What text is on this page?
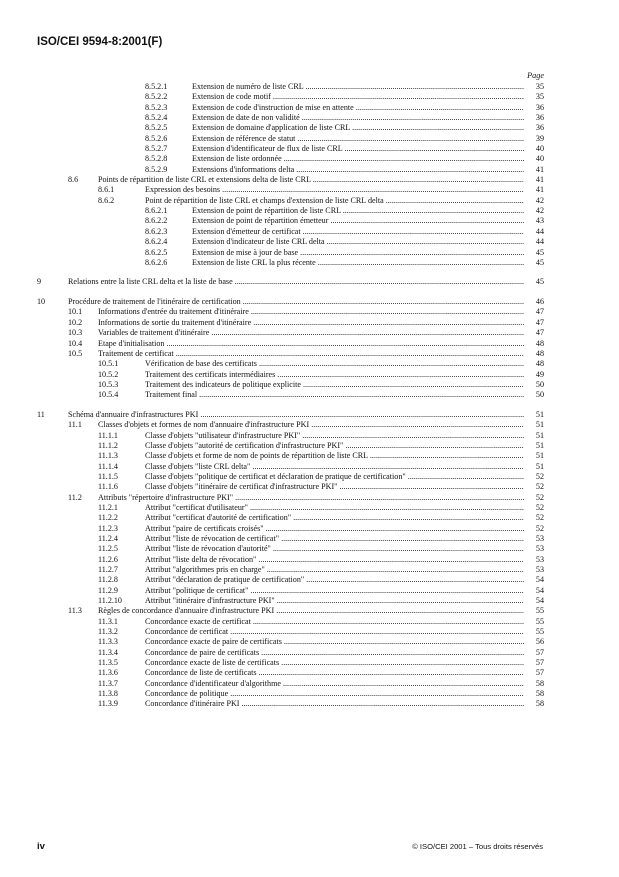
ISO/CEI 9594-8:2001(F)
Page
8.5.2.1	Extension de numéro de liste CRL .....	35
8.5.2.2	Extension de code motif .....	35
8.5.2.3	Extension de code d'instruction de mise en attente .....	36
8.5.2.4	Extension de date de non validité .....	36
8.5.2.5	Extension de domaine d'application de liste CRL .....	36
8.5.2.6	Extension de référence de statut .....	39
8.5.2.7	Extension d'identificateur de flux de liste CRL .....	40
8.5.2.8	Extension de liste ordonnée .....	40
8.5.2.9	Extensions d'informations delta .....	41
8.6 Points de répartition de liste CRL et extensions delta de liste CRL .....	41
8.6.1	Expression des besoins .....	41
8.6.2	Point de répartition de liste CRL et champs d'extension de liste CRL delta .....	42
8.6.2.1	Extension de point de répartition de liste CRL .....	42
8.6.2.2	Extension de point de répartition émetteur .....	43
8.6.2.3	Extension d'émetteur de certificat .....	44
8.6.2.4	Extension d'indicateur de liste CRL delta .....	44
8.6.2.5	Extension de mise à jour de base .....	45
8.6.2.6	Extension de liste CRL la plus récente .....	45
9	Relations entre la liste CRL delta et la liste de base .....	45
10	Procédure de traitement de l'itinéraire de certification .....	46
10.1 Informations d'entrée du traitement d'itinéraire .....	47
10.2 Informations de sortie du traitement d'itinéraire .....	47
10.3 Variables de traitement d'itinéraire .....	47
10.4 Etape d'initialisation .....	48
10.5 Traitement de certificat .....	48
10.5.1	Vérification de base des certificats .....	48
10.5.2	Traitement des certificats intermédiaires .....	49
10.5.3	Traitement des indicateurs de politique explicite .....	50
10.5.4	Traitement final .....	50
11	Schéma d'annuaire d'infrastructures PKI .....	51
11.1 Classes d'objets et formes de nom d'annuaire d'infrastructure PKI .....	51
11.1.1	Classe d'objets "utilisateur d'infrastructure PKI" .....	51
11.1.2	Classe d'objets "autorité de certification d'infrastructure PKI" .....	51
11.1.3	Classe d'objets et forme de nom de points de répartition de liste CRL .....	51
11.1.4	Classe d'objets "liste CRL delta" .....	51
11.1.5	Classe d'objets "politique de certificat et déclaration de pratique de certification" .....	52
11.1.6	Classe d'objets "itinéraire de certificat d'infrastructure PKI" .....	52
11.2 Attributs "répertoire d'infrastructure PKI" .....	52
11.2.1	Attribut "certificat d'utilisateur" .....	52
11.2.2	Attribut "certificat d'autorité de certification" .....	52
11.2.3	Attribut "paire de certificats croisés" .....	52
11.2.4	Attribut "liste de révocation de certificat" .....	53
11.2.5	Attribut "liste de révocation d'autorité" .....	53
11.2.6	Attribut "liste delta de révocation" .....	53
11.2.7	Attribut "algorithmes pris en charge" .....	53
11.2.8	Attribut "déclaration de pratique de certification" .....	54
11.2.9	Attribut "politique de certificat" .....	54
11.2.10	Attribut "itinéraire d'infrastructure PKI" .....	54
11.3 Règles de concordance d'annuaire d'infrastructure PKI .....	55
11.3.1	Concordance exacte de certificat .....	55
11.3.2	Concordance de certificat .....	55
11.3.3	Concordance exacte de paire de certificats .....	56
11.3.4	Concordance de paire de certificats .....	57
11.3.5	Concordance exacte de liste de certificats .....	57
11.3.6	Concordance de liste de certificats .....	57
11.3.7	Concordance d'identificateur d'algorithme .....	58
11.3.8	Concordance de politique .....	58
11.3.9	Concordance d'itinéraire PKI .....	58
iv	© ISO/CEI 2001 – Tous droits réservés
